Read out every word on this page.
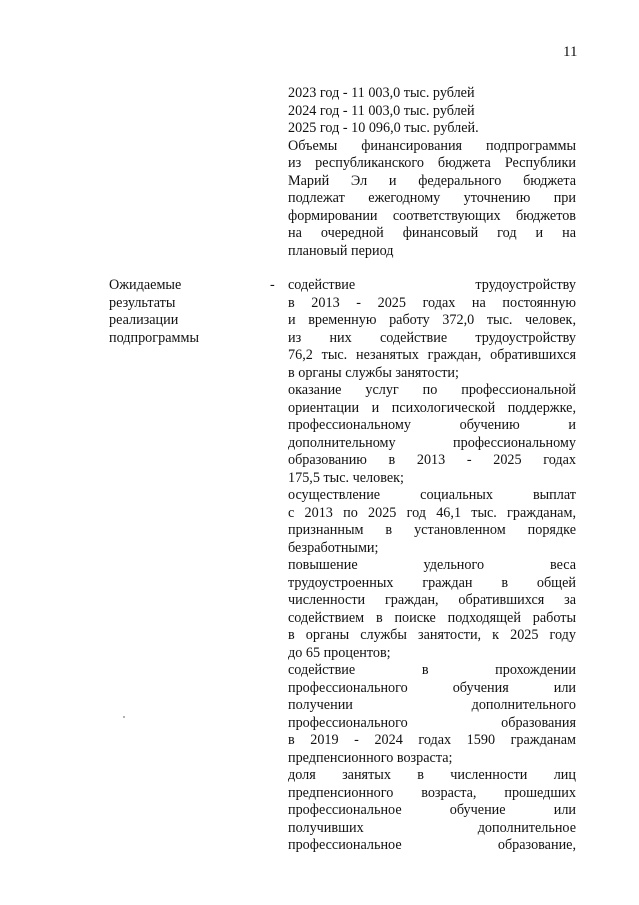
11
2023 год - 11 003,0 тыс. рублей
2024 год - 11 003,0 тыс. рублей
2025 год - 10 096,0 тыс. рублей.
Объемы финансирования подпрограммы
из республиканского бюджета Республики
Марий Эл и федерального бюджета
подлежат ежегодному уточнению при
формировании соответствующих бюджетов
на очередной финансовый год и на
плановый период
Ожидаемые
результаты
реализации
подпрограммы
- содействие трудоустройству
в 2013 - 2025 годах на постоянную
и временную работу 372,0 тыс. человек,
из них содействие трудоустройству
76,2 тыс. незанятых граждан, обратившихся
в органы службы занятости;
оказание услуг по профессиональной
ориентации и психологической поддержке,
профессиональному обучению и
дополнительному профессиональному
образованию в 2013 - 2025 годах
175,5 тыс. человек;
осуществление социальных выплат
с 2013 по 2025 год 46,1 тыс. гражданам,
признанным в установленном порядке
безработными;
повышение удельного веса
трудоустроенных граждан в общей
численности граждан, обратившихся за
содействием в поиске подходящей работы
в органы службы занятости, к 2025 году
до 65 процентов;
содействие в прохождении
профессионального обучения или
получении дополнительного
профессионального образования
в 2019 - 2024 годах 1590 гражданам
предпенсионного возраста;
доля занятых в численности лиц
предпенсионного возраста, прошедших
профессиональное обучение или
получивших дополнительное
профессиональное образование,
